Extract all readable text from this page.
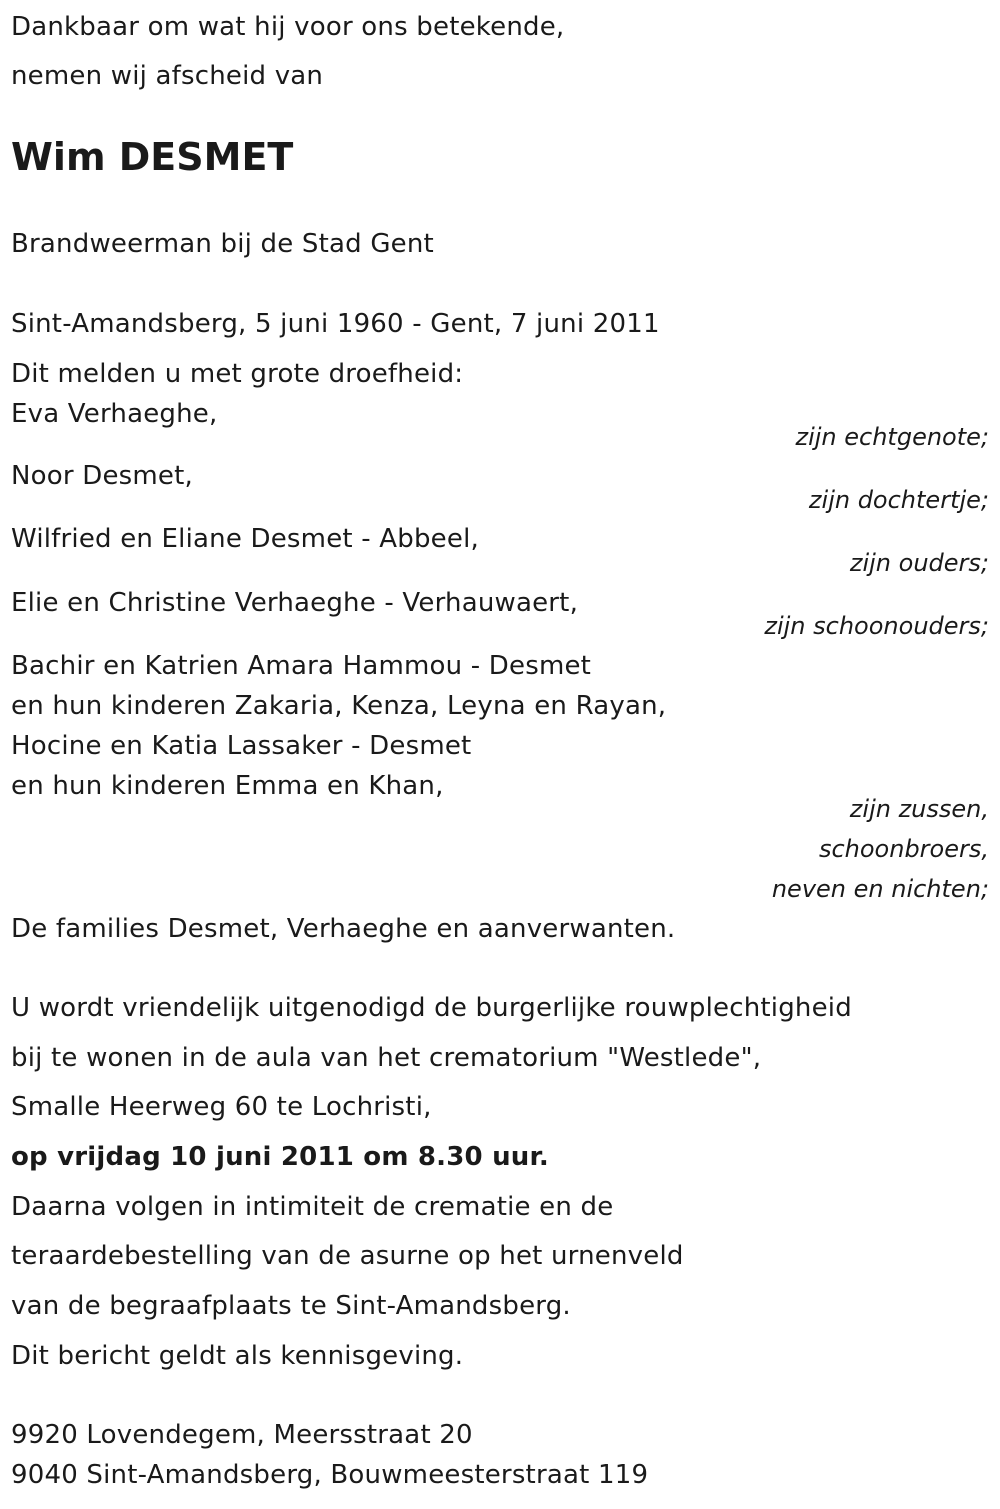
Dankbaar om wat hij voor ons betekende,
nemen wij afscheid van
Wim DESMET
Brandweerman bij de Stad Gent
Sint-Amandsberg, 5 juni 1960 - Gent, 7 juni 2011
Dit melden u met grote droefheid:
Eva Verhaeghe,
zijn echtgenote;
Noor Desmet,
zijn dochtertje;
Wilfried en Eliane Desmet - Abbeel,
zijn ouders;
Elie en Christine Verhaeghe - Verhauwaert,
zijn schoonouders;
Bachir en Katrien Amara Hammou - Desmet
en hun kinderen Zakaria, Kenza, Leyna en Rayan,
Hocine en Katia Lassaker - Desmet
en hun kinderen Emma en Khan,
zijn zussen,
schoonbroers,
neven en nichten;
De families Desmet, Verhaeghe en aanverwanten.
U wordt vriendelijk uitgenodigd de burgerlijke rouwplechtigheid
bij te wonen in de aula van het crematorium "Westlede",
Smalle Heerweg 60 te Lochristi,
op vrijdag 10 juni 2011 om 8.30 uur.
Daarna volgen in intimiteit de crematie en de
teraardebestelling van de asurne op het urnenveld
van de begraafplaats te Sint-Amandsberg.
Dit bericht geldt als kennisgeving.
9920 Lovendegem, Meersstraat 20
9040 Sint-Amandsberg, Bouwmeesterstraat 119
